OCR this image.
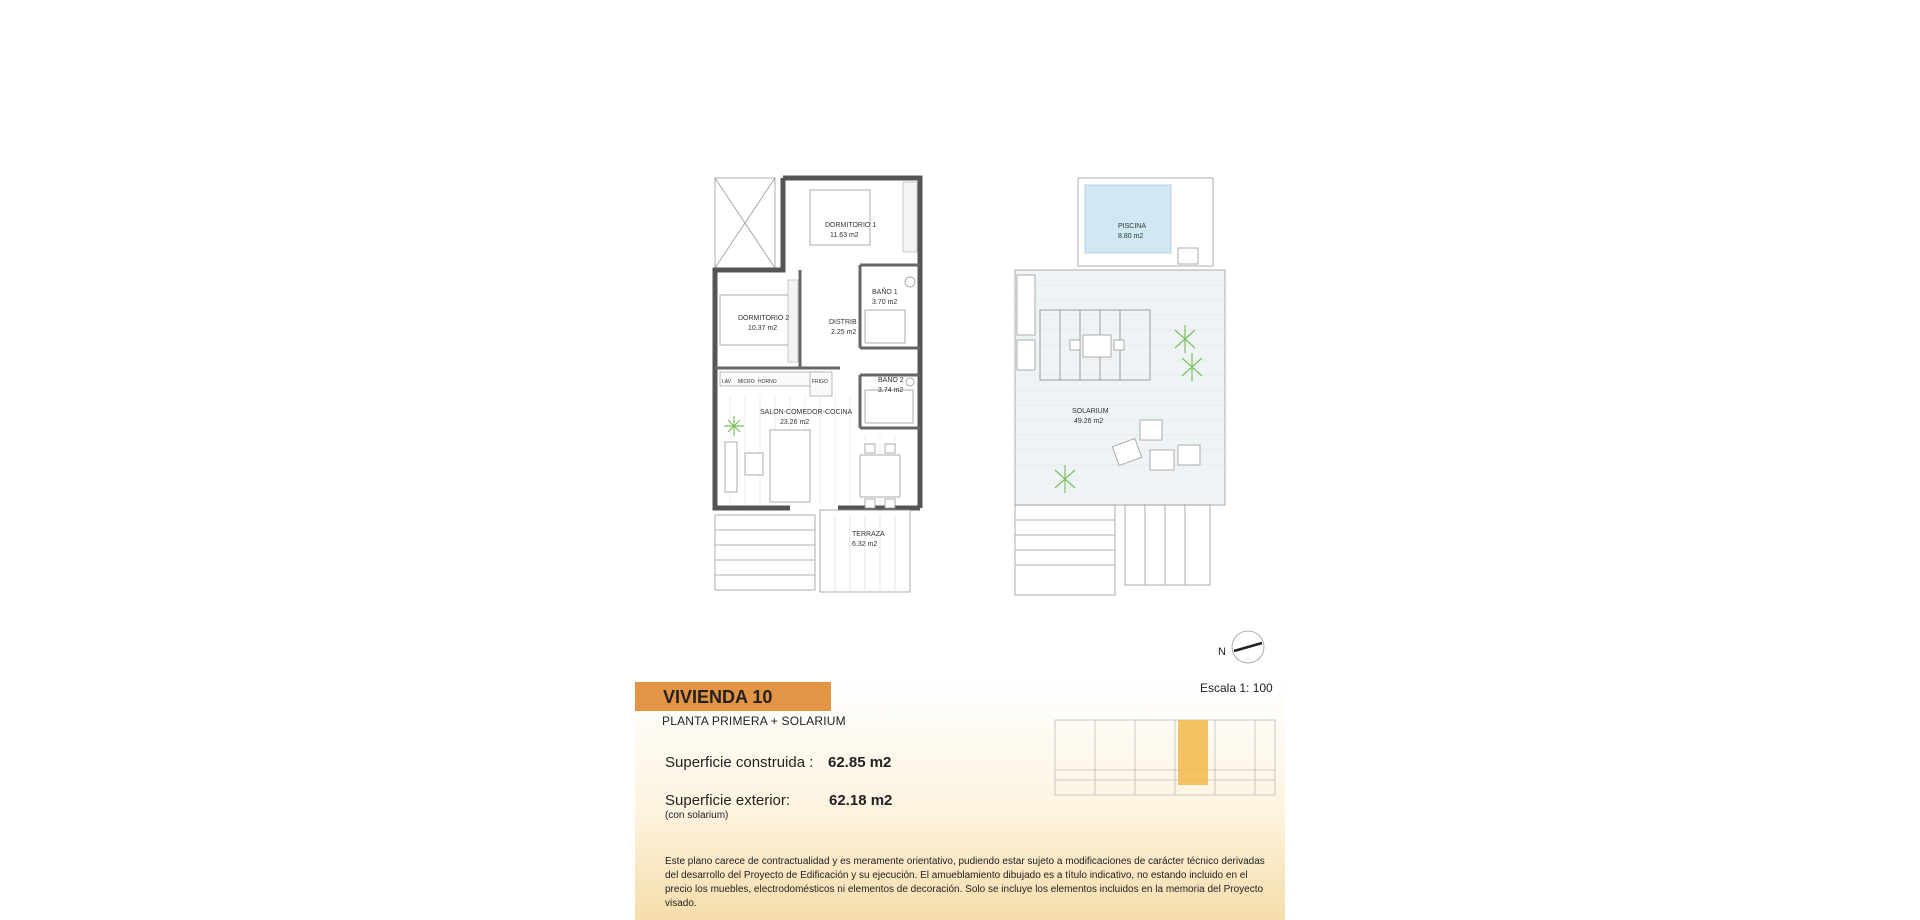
DORMITORIO 1
11.63 m2
BAÑO 1
3.70 m2
DORMITORIO 2
10.37 m2
DISTRIB
2.25 m2
BAÑO 2
3.74 m2
SALON-COMEDOR-COCINA
23.26 m2
TERRAZA
6.32 m2
LAV MICRO HORNO	FRIGO
PISCINA
8.80 m2
SOLARIUM
49.26 m2
N
VIVIENDA 10
PLANTA PRIMERA + SOLARIUM
Escala 1: 100
Superficie construida : 62.85 m2
Superficie exterior:	62.18 m2
(con solarium)
Este plano carece de contractualidad y es meramente orientativo, pudiendo estar sujeto a modificaciones de carácter técnico derivadas del desarrollo del Proyecto de Edificación y su ejecución. El amueblamiento dibujado es a título indicativo, no estando incluido en el precio los muebles, electrodomésticos ni elementos de decoración. Solo se incluye los elementos incluidos en la memoria del Proyecto visado.
